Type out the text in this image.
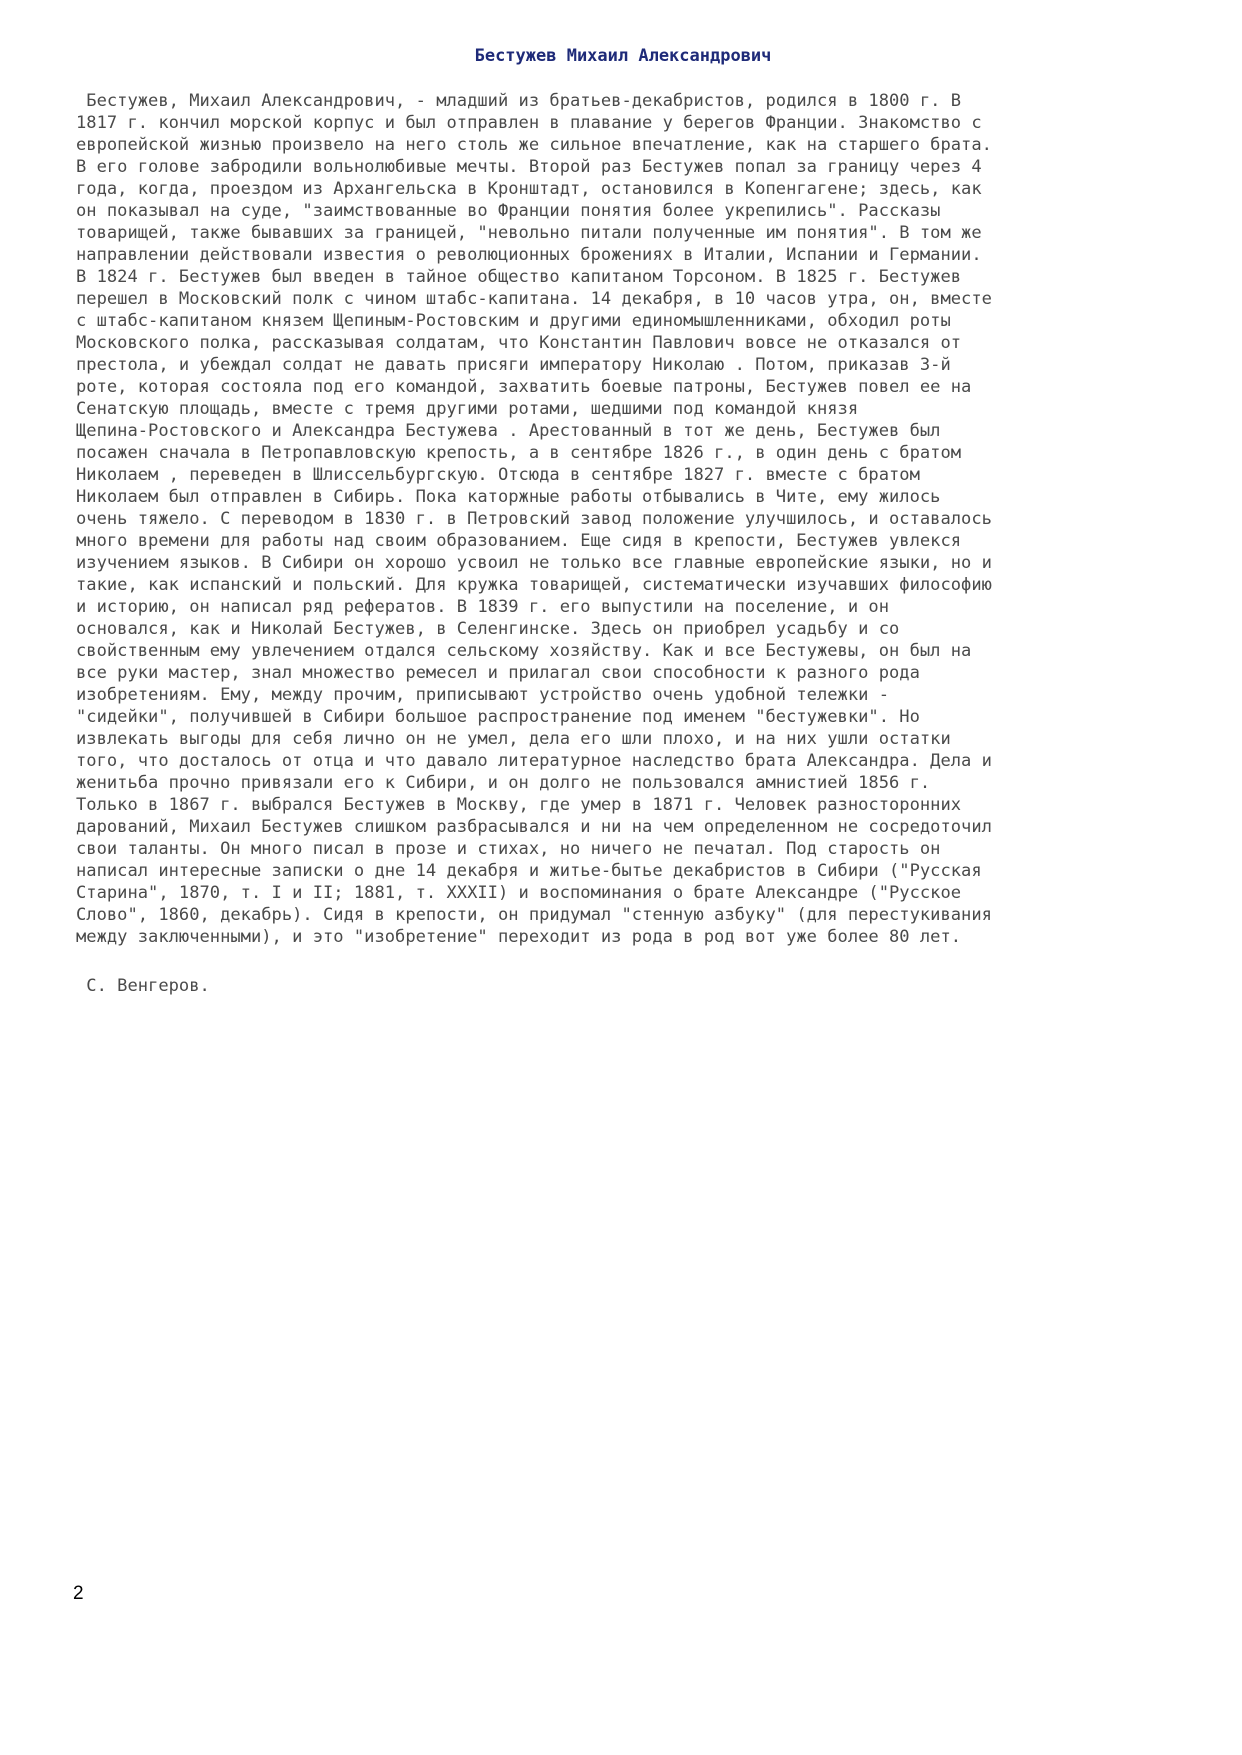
Бестужев Михаил Александрович
Бестужев, Михаил Александрович, - младший из братьев-декабристов, родился в 1800 г. В
1817 г. кончил морской корпус и был отправлен в плавание у берегов Франции. Знакомство с
европейской жизнью произвело на него столь же сильное впечатление, как на старшего брата.
В его голове забродили вольнолюбивые мечты. Второй раз Бестужев попал за границу через 4
года, когда, проездом из Архангельска в Кронштадт, остановился в Копенгагене; здесь, как
он показывал на суде, "заимствованные во Франции понятия более укрепились". Рассказы
товарищей, также бывавших за границей, "невольно питали полученные им понятия". В том же
направлении действовали известия о революционных брожениях в Италии, Испании и Германии.
В 1824 г. Бестужев был введен в тайное общество капитаном Торсоном. В 1825 г. Бестужев
перешел в Московский полк с чином штабс-капитана. 14 декабря, в 10 часов утра, он, вместе
с штабс-капитаном князем Щепиным-Ростовским и другими единомышленниками, обходил роты
Московского полка, рассказывая солдатам, что Константин Павлович вовсе не отказался от
престола, и убеждал солдат не давать присяги императору Николаю . Потом, приказав 3-й
роте, которая состояла под его командой, захватить боевые патроны, Бестужев повел ее на
Сенатскую площадь, вместе с тремя другими ротами, шедшими под командой князя
Щепина-Ростовского и Александра Бестужева . Арестованный в тот же день, Бестужев был
посажен сначала в Петропавловскую крепость, а в сентябре 1826 г., в один день с братом
Николаем , переведен в Шлиссельбургскую. Отсюда в сентябре 1827 г. вместе с братом
Николаем был отправлен в Сибирь. Пока каторжные работы отбывались в Чите, ему жилось
очень тяжело. С переводом в 1830 г. в Петровский завод положение улучшилось, и оставалось
много времени для работы над своим образованием. Еще сидя в крепости, Бестужев увлекся
изучением языков. В Сибири он хорошо усвоил не только все главные европейские языки, но и
такие, как испанский и польский. Для кружка товарищей, систематически изучавших философию
и историю, он написал ряд рефератов. В 1839 г. его выпустили на поселение, и он
основался, как и Николай Бестужев, в Селенгинске. Здесь он приобрел усадьбу и со
свойственным ему увлечением отдался сельскому хозяйству. Как и все Бестужевы, он был на
все руки мастер, знал множество ремесел и прилагал свои способности к разного рода
изобретениям. Ему, между прочим, приписывают устройство очень удобной тележки -
"сидейки", получившей в Сибири большое распространение под именем "бестужевки". Но
извлекать выгоды для себя лично он не умел, дела его шли плохо, и на них ушли остатки
того, что досталось от отца и что давало литературное наследство брата Александра. Дела и
женитьба прочно привязали его к Сибири, и он долго не пользовался амнистией 1856 г.
Только в 1867 г. выбрался Бестужев в Москву, где умер в 1871 г. Человек разносторонних
дарований, Михаил Бестужев слишком разбрасывался и ни на чем определенном не сосредоточил
свои таланты. Он много писал в прозе и стихах, но ничего не печатал. Под старость он
написал интересные записки о дне 14 декабря и житье-бытье декабристов в Сибири ("Русская
Старина", 1870, т. I и II; 1881, т. XXXII) и воспоминания о брате Александре ("Русское
Слово", 1860, декабрь). Сидя в крепости, он придумал "стенную азбуку" (для перестукивания
между заключенными), и это "изобретение" переходит из рода в род вот уже более 80 лет.

С. Венгеров.

2
